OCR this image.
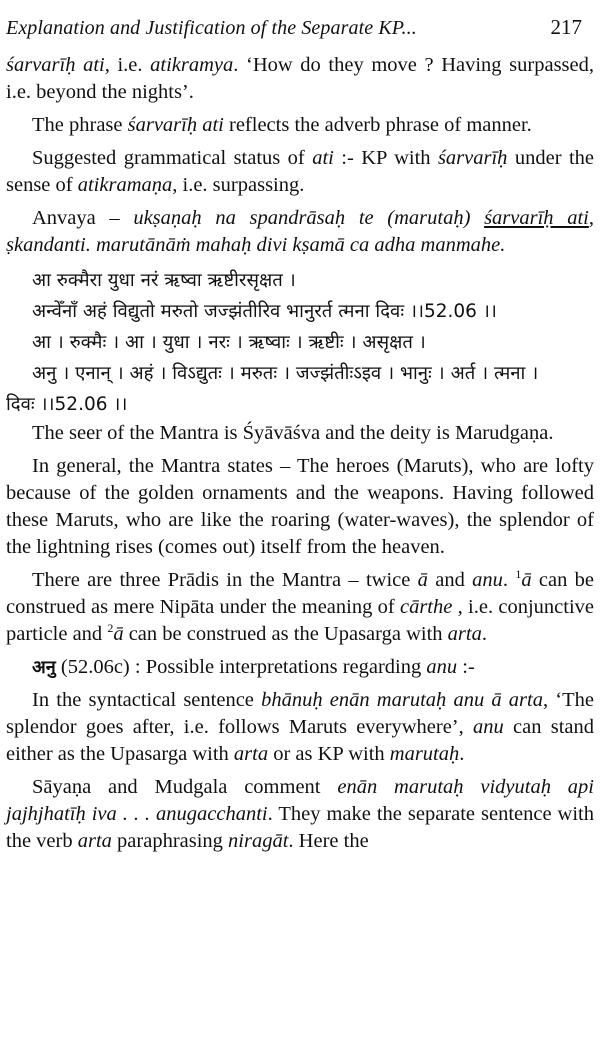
Explanation and Justification of the Separate KP...	217

śarvarīḥ ati, i.e. atikramya. ‘How do they move ? Having surpassed, i.e. beyond the nights’.

The phrase śarvarīḥ ati reflects the adverb phrase of manner.

Suggested grammatical status of ati :- KP with śarvarīḥ under the sense of atikramaṇa, i.e. surpassing.

Anvaya – ukṣaṇaḥ na spandrāsaḥ te (marutaḥ) śarvarīḥ ati, ṣkandanti. marutānāṁ mahaḥ divi kṣamā ca adha manmahe.

आ रुक्मैरा युधा नरं ऋष्वा ऋष्टीरसृक्षत ।

अन्वेँनाँ अहं विद्युतो मरुतो जज्झंतीरिव भानुरर्त त्मना दिवः ।।52.06 ।।

आ । रुक्मैः । आ । युधा । नरः । ऋष्वाः । ऋष्टीः । असृक्षत ।

अनु । एनान् । अहं । विऽद्युतः । मरुतः । जज्झंतीःऽइव । भानुः । अर्त । त्मना ।

दिवः ।।52.06 ।।

The seer of the Mantra is Śyāvāśva and the deity is Marudgaṇa.

In general, the Mantra states – The heroes (Maruts), who are lofty because of the golden ornaments and the weapons. Having followed these Maruts, who are like the roaring (water-waves), the splendor of the lightning rises (comes out) itself from the heaven.

There are three Prādis in the Mantra – twice ā and anu. $^1$ā can be construed as mere Nipāta under the meaning of cārthe , i.e. conjunctive particle and $^2$ā can be construed as the Upasarga with arta.

अनु (52.06c) : Possible interpretations regarding anu :-

In the syntactical sentence bhānuḥ enān marutaḥ anu ā arta, ‘The splendor goes after, i.e. follows Maruts everywhere’, anu can stand either as the Upasarga with arta or as KP with marutaḥ.

Sāyaṇa and Mudgala comment enān marutaḥ vidyutaḥ api jajhjhatīḥ iva . . . anugacchanti. They make the separate sentence with the verb arta paraphrasing niragāt. Here the
